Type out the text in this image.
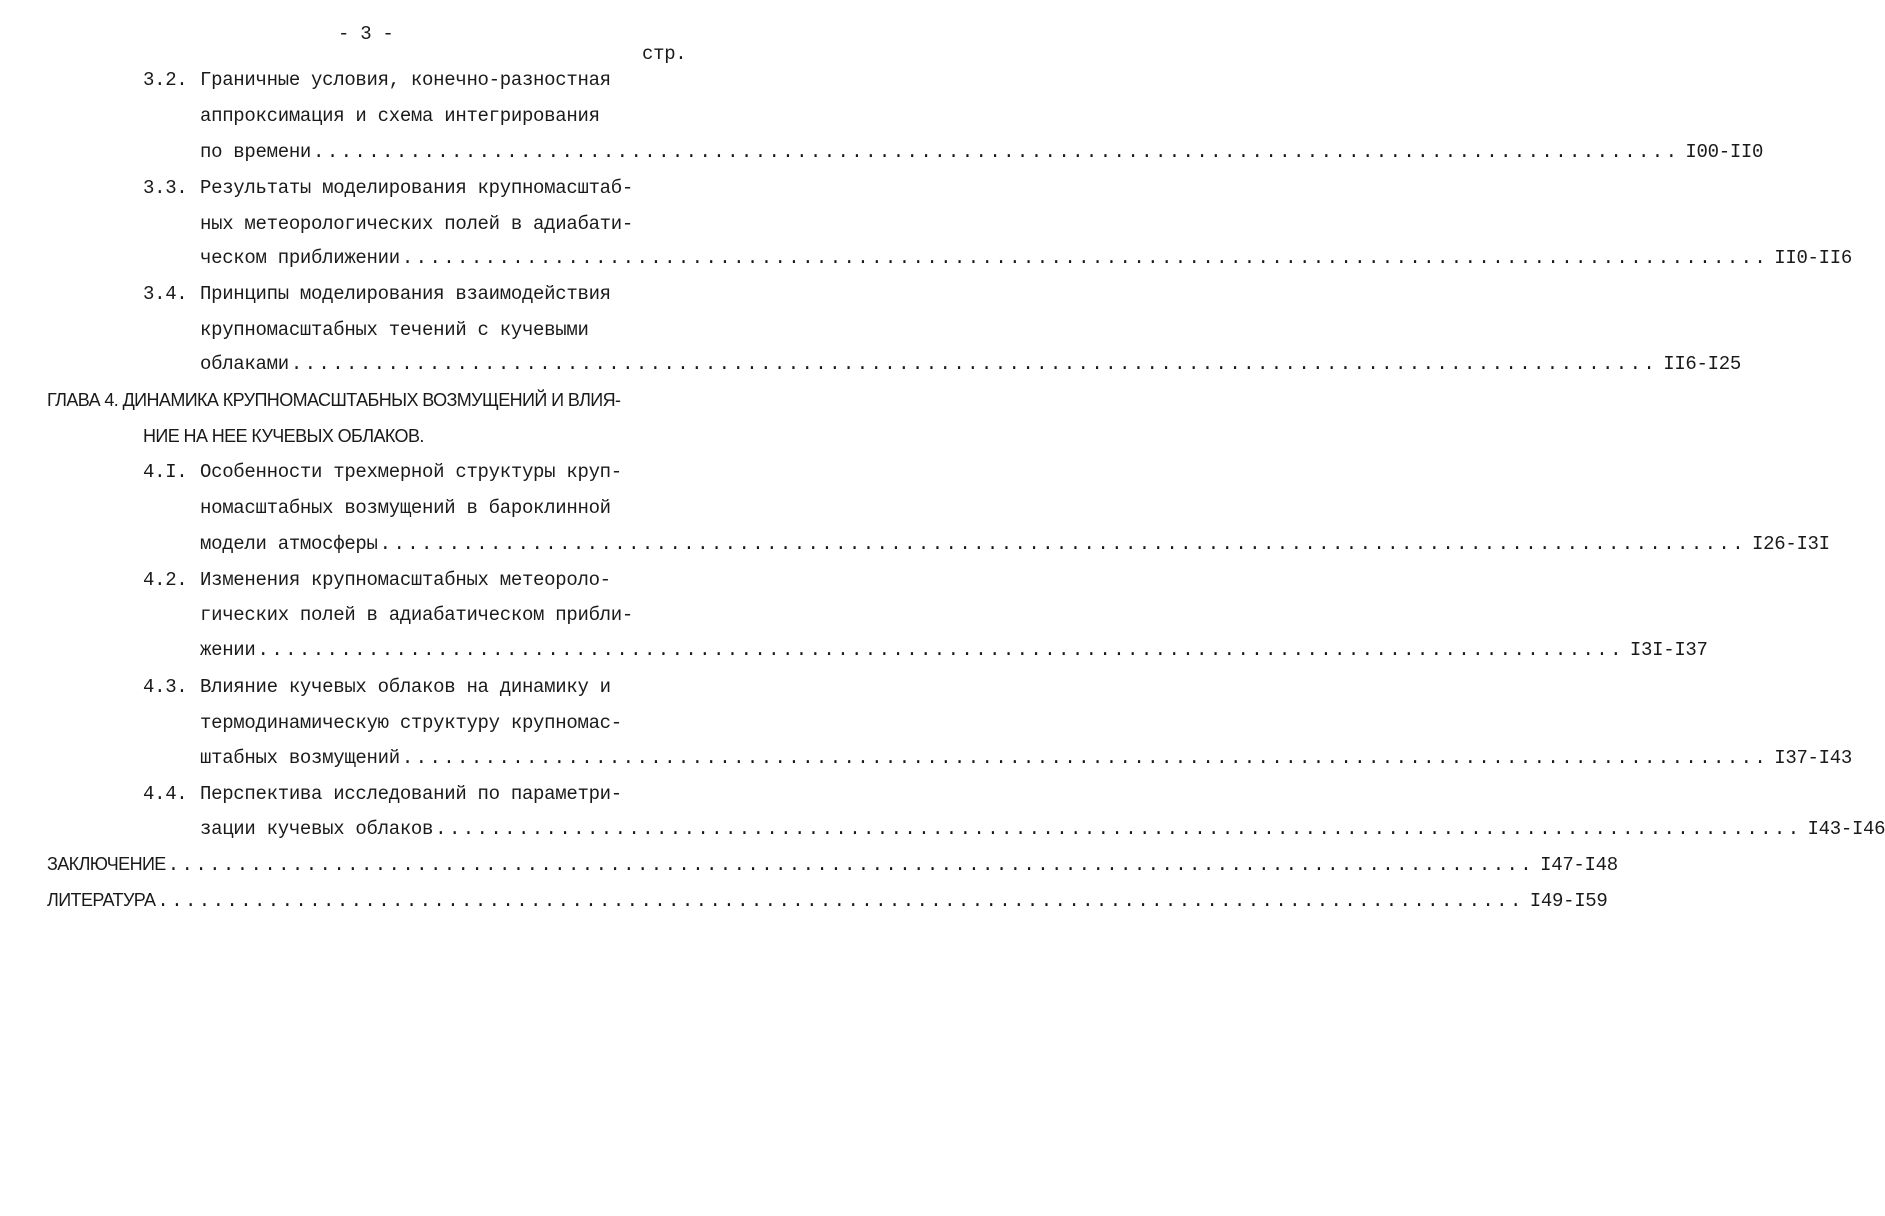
- 3 -
стр.
3.2. Граничные условия, конечно-разностная
аппроксимация и схема интегрирования
по времени ................................................................................................... I00-II0
3.3. Результаты моделирования крупномасштаб-
ных метеорологических полей в адиабати-
ческом приближении ................................................................................................... II0-II6
3.4. Принципы моделирования взаимодействия
крупномасштабных течений с кучевыми
облаками ................................................................................................... II6-I25
ГЛАВА 4. ДИНАМИКА КРУПНОМАСШТАБНЫХ ВОЗМУЩЕНИЙ И ВЛИЯ-
НИЕ НА НЕЕ КУЧЕВЫХ ОБЛАКОВ.
4.I. Особенности трехмерной структуры круп-
номасштабных возмущений в бароклинной
модели атмосферы ................................................................................................... I26-I3I
4.2. Изменения крупномасштабных метеороло-
гических полей в адиабатическом прибли-
жении ................................................................................................... I3I-I37
4.3. Влияние кучевых облаков на динамику и
термодинамическую структуру крупномас-
штабных возмущений ................................................................................................... I37-I43
4.4. Перспектива исследований по параметри-
зации кучевых облаков ................................................................................................... I43-I46
ЗАКЛЮЧЕНИЕ ................................................................................................... I47-I48
ЛИТЕРАТУРА ................................................................................................... I49-I59
